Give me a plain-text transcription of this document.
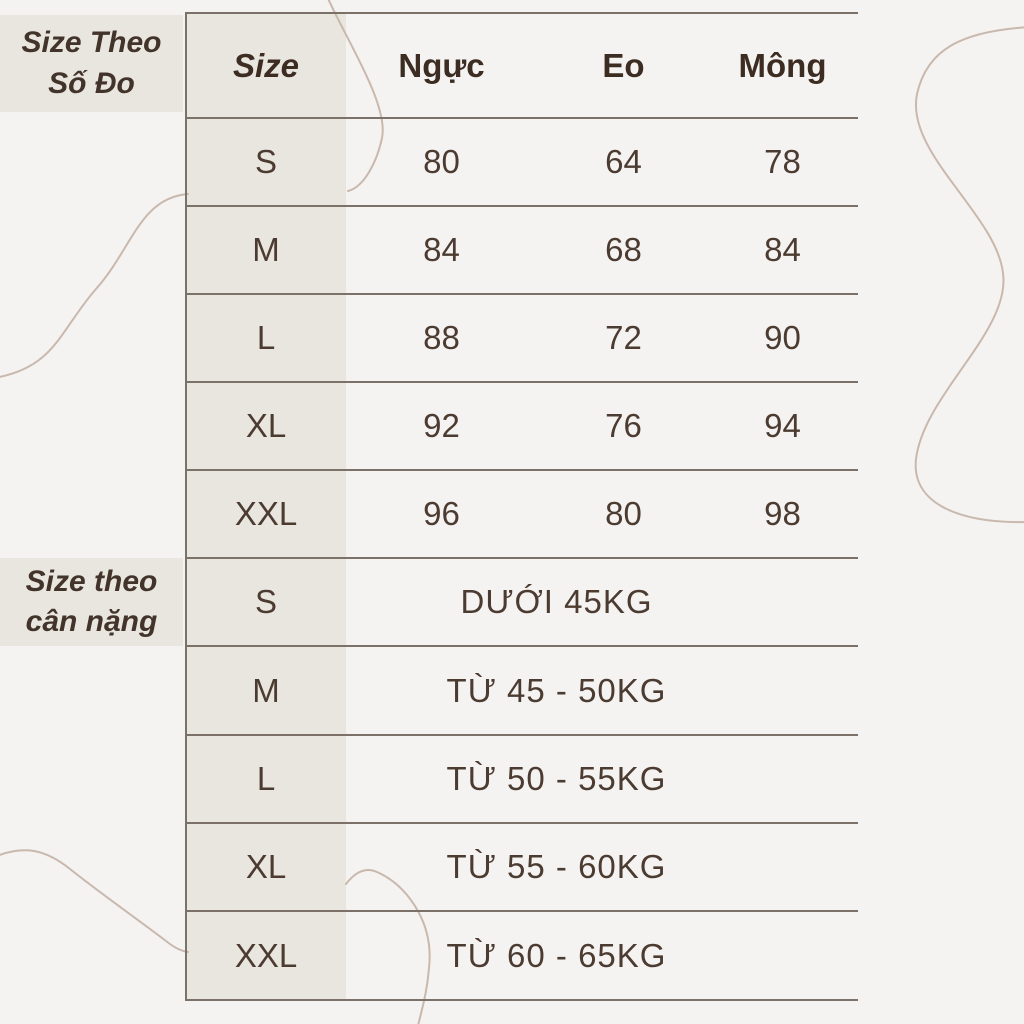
Size Theo
Số Đo
Size theo
cân nặng
Size	Ngực	Eo	Mông
S	80	64	78
M	84	68	84
L	88	72	90
XL	92	76	94
XXL	96	80	98
S	DƯỚI 45KG
M	TỪ 45 - 50KG
L	TỪ 50 - 55KG
XL	TỪ 55 - 60KG
XXL	TỪ 60 - 65KG
